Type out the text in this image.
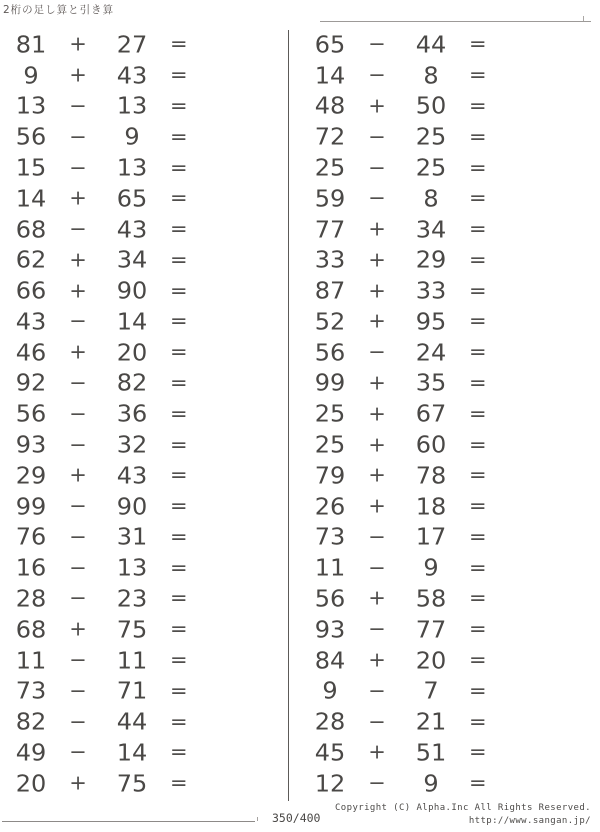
2桁の足し算と引き算
81	+	27	=
9	+	43	=
13	−	13	=
56	−	9	=
15	−	13	=
14	+	65	=
68	−	43	=
62	+	34	=
66	+	90	=
43	−	14	=
46	+	20	=
92	−	82	=
56	−	36	=
93	−	32	=
29	+	43	=
99	−	90	=
76	−	31	=
16	−	13	=
28	−	23	=
68	+	75	=
11	−	11	=
73	−	71	=
82	−	44	=
49	−	14	=
20	+	75	=
65	−	44	=
14	−	8	=
48	+	50	=
72	−	25	=
25	−	25	=
59	−	8	=
77	+	34	=
33	+	29	=
87	+	33	=
52	+	95	=
56	−	24	=
99	+	35	=
25	+	67	=
25	+	60	=
79	+	78	=
26	+	18	=
73	−	17	=
11	−	9	=
56	+	58	=
93	−	77	=
84	+	20	=
9	−	7	=
28	−	21	=
45	+	51	=
12	−	9	=
350/400
Copyright (C) Alpha.Inc All Rights Reserved.
http://www.sangan.jp/
